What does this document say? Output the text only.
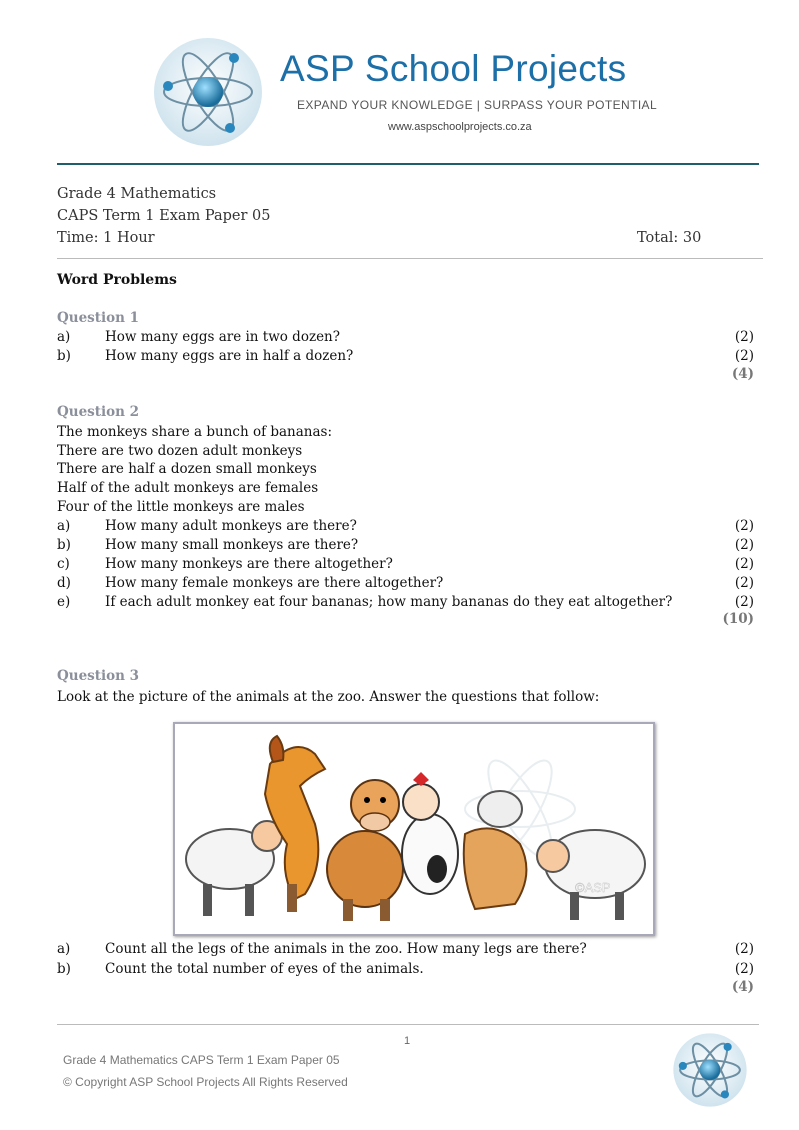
ASP School Projects
EXPAND YOUR KNOWLEDGE | SURPASS YOUR POTENTIAL
www.aspschoolprojects.co.za
Grade 4 Mathematics
CAPS Term 1 Exam Paper 05
Time: 1 Hour	Total: 30
Word Problems
Question 1
a)	How many eggs are in two dozen?	(2)
b)	How many eggs are in half a dozen?	(2)
(4)
Question 2
The monkeys share a bunch of bananas:
There are two dozen adult monkeys
There are half a dozen small monkeys
Half of the adult monkeys are females
Four of the little monkeys are males
a)	How many adult monkeys are there?	(2)
b)	How many small monkeys are there?	(2)
c)	How many monkeys are there altogether?	(2)
d)	How many female monkeys are there altogether?	(2)
e)	If each adult monkey eat four bananas; how many bananas do they eat altogether?	(2)
(10)
Question 3
Look at the picture of the animals at the zoo. Answer the questions that follow:
©ASP
a)	Count all the legs of the animals in the zoo. How many legs are there?	(2)
b)	Count the total number of eyes of the animals.	(2)
(4)
1
Grade 4 Mathematics CAPS Term 1 Exam Paper 05
© Copyright ASP School Projects All Rights Reserved
